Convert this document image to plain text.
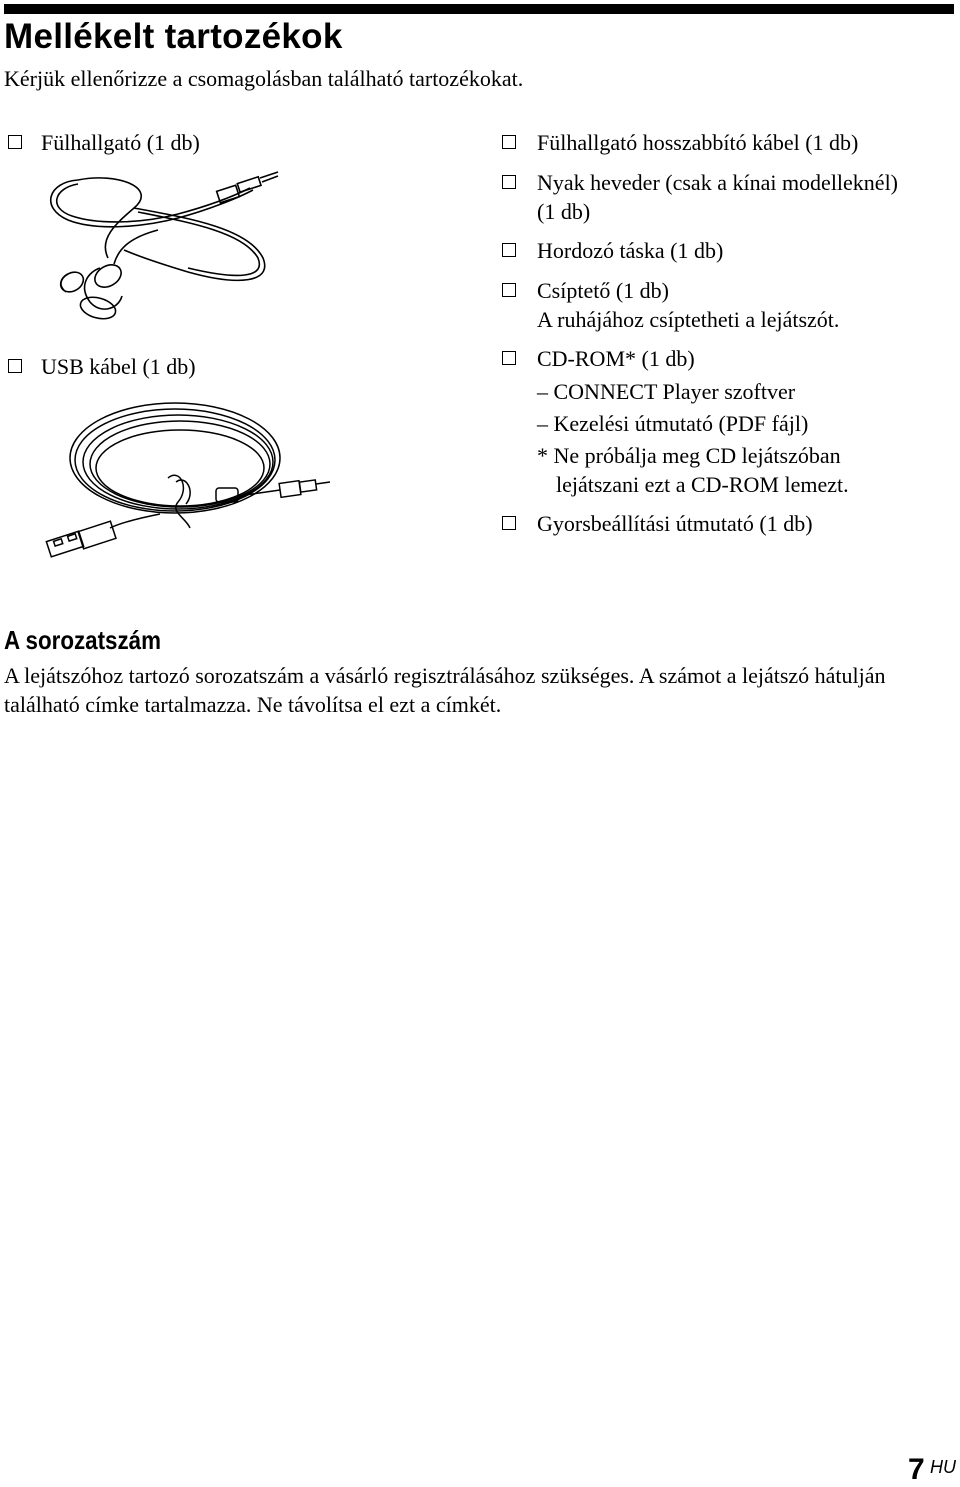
Mellékelt tartozékok
Kérjük ellenőrizze a csomagolásban található tartozékokat.
Fülhallgató (1 db)
USB kábel (1 db)
Fülhallgató hosszabbító kábel (1 db)
Nyak heveder (csak a kínai modelleknél)
(1 db)
Hordozó táska (1 db)
Csíptető (1 db)
A ruhájához csíptetheti a lejátszót.
CD-ROM* (1 db)
– CONNECT Player szoftver
– Kezelési útmutató (PDF fájl)
* Ne próbálja meg CD lejátszóban
lejátszani ezt a CD-ROM lemezt.
Gyorsbeállítási útmutató (1 db)
A sorozatszám
A lejátszóhoz tartozó sorozatszám a vásárló regisztrálásához szükséges. A számot a lejátszó hátulján található címke tartalmazza. Ne távolítsa el ezt a címkét.
7 HU
